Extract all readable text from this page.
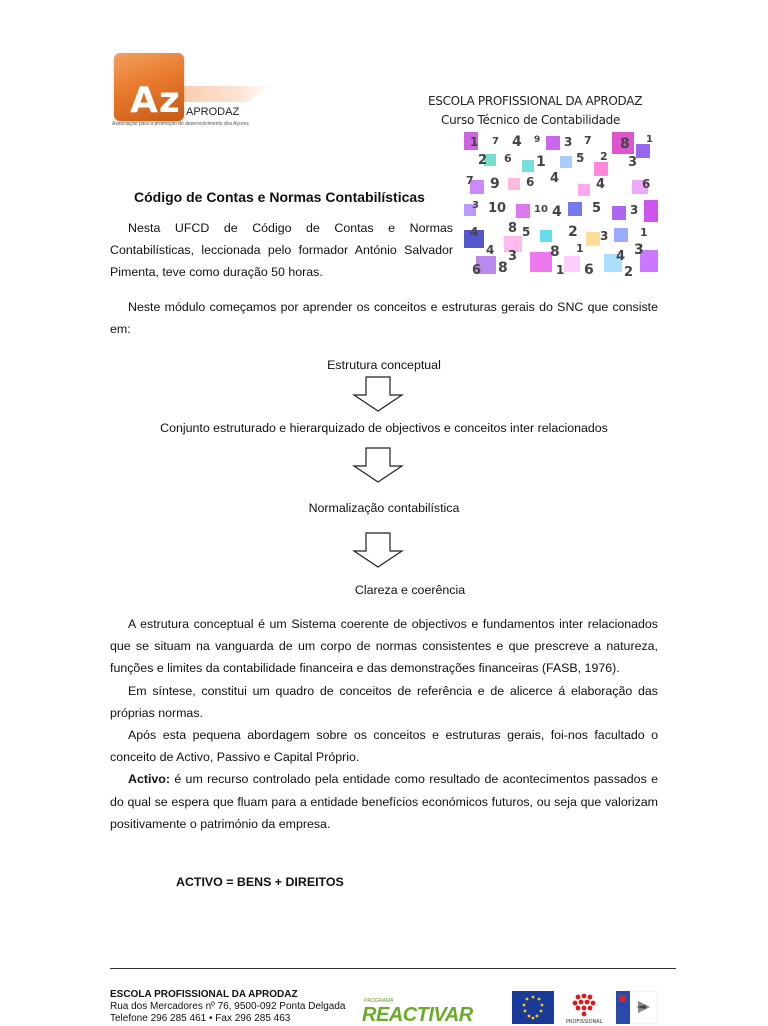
Az APRODAZ
Associação para a promoção do desenvolvimento dos Açores
ESCOLA PROFISSIONAL DA APRODAZ
Curso Técnico de Contabilidade
1 7 4 9 3 7 8 1
2 6 1	5 2 3
7 9 6 4	4	6
3 10	10 4 5 3
4 8 5	2 3	1
4 3 8 1
4 3
6 8	1 6 2
Código de Contas e Normas Contabilísticas
Nesta UFCD de Código de Contas e Normas Contabilísticas, leccionada pelo formador António Salvador Pimenta, teve como duração 50 horas.
Neste módulo começamos por aprender os conceitos e estruturas gerais do SNC que consiste em:
Estrutura conceptual
Conjunto estruturado e hierarquizado de objectivos e conceitos inter relacionados
Normalização contabilística
Clareza e coerência

A estrutura conceptual é um Sistema coerente de objectivos e fundamentos inter relacionados que se situam na vanguarda de um corpo de normas consistentes e que prescreve a natureza, funções e limites da contabilidade financeira e das demonstrações financeiras (FASB, 1976).

Em síntese, constitui um quadro de conceitos de referência e de alicerce á elaboração das próprias normas.

Após esta pequena abordagem sobre os conceitos e estruturas gerais, foi-nos facultado o conceito de Activo, Passivo e Capital Próprio.

Activo: é um recurso controlado pela entidade como resultado de acontecimentos passados e do qual se espera que fluam para a entidade benefícios económicos futuros, ou seja que valorizam positivamente o património da empresa.

ACTIVO = BENS + DIREITOS
ESCOLA PROFISSIONAL DA APRODAZ
Rua dos Mercadores nº 76, 9500-092 Ponta Delgada
Telefone 296 285 461 • Fax 296 285 463
PROGRAMA
REACTIVAR	PROFISSIONAL
